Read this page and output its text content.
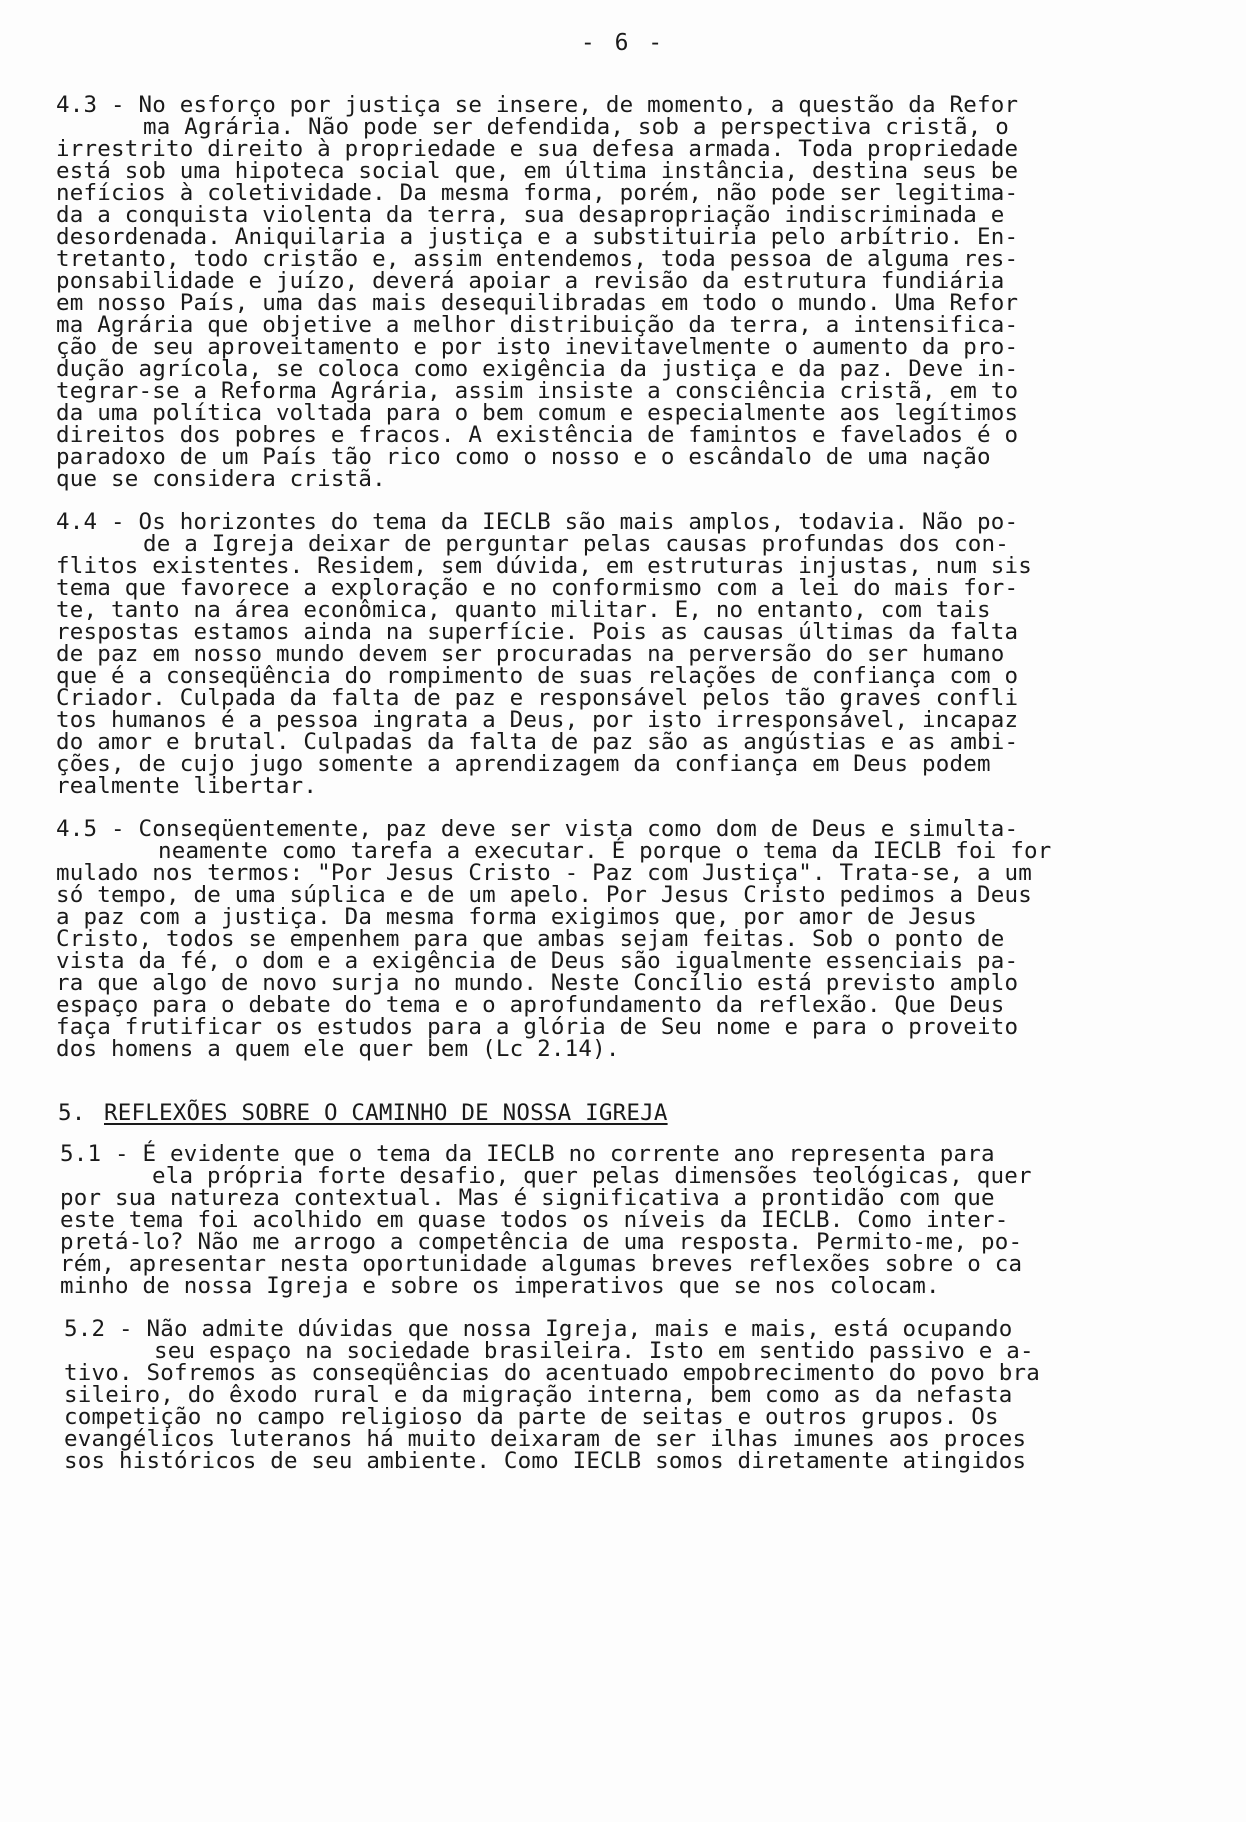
- 6 -
4.3 - No esforço por justiça se insere, de momento, a questão da Refor
ma Agrária. Não pode ser defendida, sob a perspectiva cristã, o
irrestrito direito à propriedade e sua defesa armada. Toda propriedade
está sob uma hipoteca social que, em última instância, destina seus be
nefícios à coletividade. Da mesma forma, porém, não pode ser legitima-
da a conquista violenta da terra, sua desapropriação indiscriminada e
desordenada. Aniquilaria a justiça e a substituiria pelo arbítrio. En-
tretanto, todo cristão e, assim entendemos, toda pessoa de alguma res-
ponsabilidade e juízo, deverá apoiar a revisão da estrutura fundiária
em nosso País, uma das mais desequilibradas em todo o mundo. Uma Refor
ma Agrária que objetive a melhor distribuição da terra, a intensifica-
ção de seu aproveitamento e por isto inevitavelmente o aumento da pro-
dução agrícola, se coloca como exigência da justiça e da paz. Deve in-
tegrar-se a Reforma Agrária, assim insiste a consciência cristã, em to
da uma política voltada para o bem comum e especialmente aos legítimos
direitos dos pobres e fracos. A existência de famintos e favelados é o
paradoxo de um País tão rico como o nosso e o escândalo de uma nação
que se considera cristã.
4.4 - Os horizontes do tema da IECLB são mais amplos, todavia. Não po-
de a Igreja deixar de perguntar pelas causas profundas dos con-
flitos existentes. Residem, sem dúvida, em estruturas injustas, num sis
tema que favorece a exploração e no conformismo com a lei do mais for-
te, tanto na área econômica, quanto militar. E, no entanto, com tais
respostas estamos ainda na superfície. Pois as causas últimas da falta
de paz em nosso mundo devem ser procuradas na perversão do ser humano
que é a conseqüência do rompimento de suas relações de confiança com o
Criador. Culpada da falta de paz e responsável pelos tão graves confli
tos humanos é a pessoa ingrata a Deus, por isto irresponsável, incapaz
do amor e brutal. Culpadas da falta de paz são as angústias e as ambi-
ções, de cujo jugo somente a aprendizagem da confiança em Deus podem
realmente libertar.
4.5 - Conseqüentemente, paz deve ser vista como dom de Deus e simulta-
neamente como tarefa a executar. É porque o tema da IECLB foi for
mulado nos termos: "Por Jesus Cristo - Paz com Justiça". Trata-se, a um
só tempo, de uma súplica e de um apelo. Por Jesus Cristo pedimos a Deus
a paz com a justiça. Da mesma forma exigimos que, por amor de Jesus
Cristo, todos se empenhem para que ambas sejam feitas. Sob o ponto de
vista da fé, o dom e a exigência de Deus são igualmente essenciais pa-
ra que algo de novo surja no mundo. Neste Concílio está previsto amplo
espaço para o debate do tema e o aprofundamento da reflexão. Que Deus
faça frutificar os estudos para a glória de Seu nome e para o proveito
dos homens a quem ele quer bem (Lc 2.14).
5. REFLEXÕES SOBRE O CAMINHO DE NOSSA IGREJA
5.1 - É evidente que o tema da IECLB no corrente ano representa para
ela própria forte desafio, quer pelas dimensões teológicas, quer
por sua natureza contextual. Mas é significativa a prontidão com que
este tema foi acolhido em quase todos os níveis da IECLB. Como inter-
pretá-lo? Não me arrogo a competência de uma resposta. Permito-me, po-
rém, apresentar nesta oportunidade algumas breves reflexões sobre o ca
minho de nossa Igreja e sobre os imperativos que se nos colocam.
5.2 - Não admite dúvidas que nossa Igreja, mais e mais, está ocupando
seu espaço na sociedade brasileira. Isto em sentido passivo e a-
tivo. Sofremos as conseqüências do acentuado empobrecimento do povo bra
sileiro, do êxodo rural e da migração interna, bem como as da nefasta
competição no campo religioso da parte de seitas e outros grupos. Os
evangélicos luteranos há muito deixaram de ser ilhas imunes aos proces
sos históricos de seu ambiente. Como IECLB somos diretamente atingidos
